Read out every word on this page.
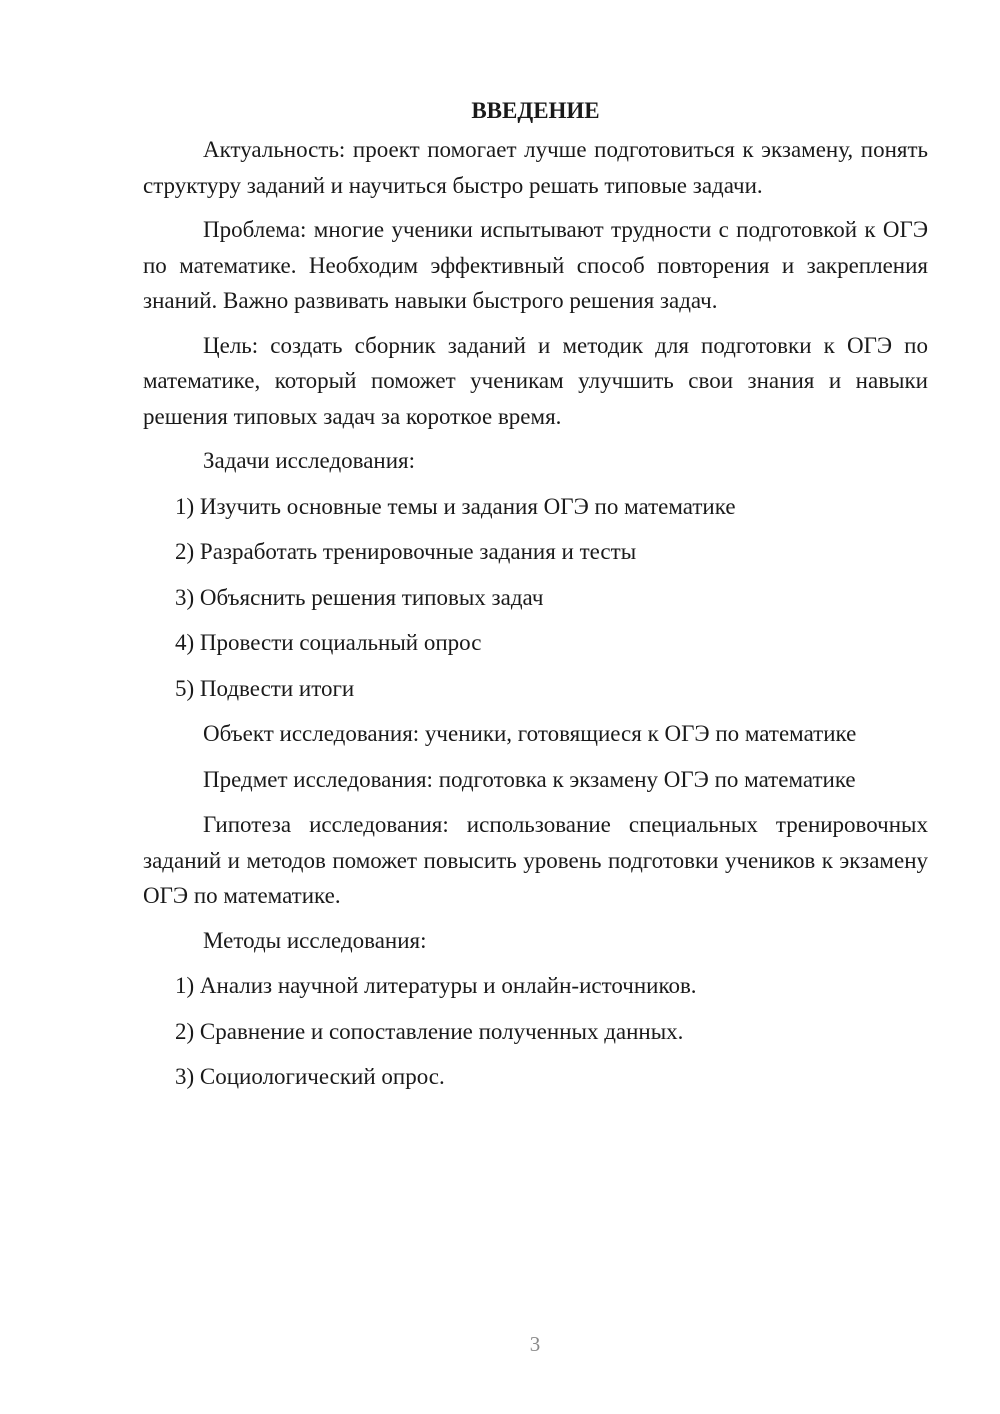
ВВЕДЕНИЕ

Актуальность: проект помогает лучше подготовиться к экзамену, понять структуру заданий и научиться быстро решать типовые задачи.

Проблема: многие ученики испытывают трудности с подготовкой к ОГЭ по математике. Необходим эффективный способ повторения и закрепления знаний. Важно развивать навыки быстрого решения задач.

Цель: создать сборник заданий и методик для подготовки к ОГЭ по математике, который поможет ученикам улучшить свои знания и навыки решения типовых задач за короткое время.

Задачи исследования:
1) Изучить основные темы и задания ОГЭ по математике
2) Разработать тренировочные задания и тесты
3) Объяснить решения типовых задач
4) Провести социальный опрос
5) Подвести итоги
Объект исследования: ученики, готовящиеся к ОГЭ по математике
Предмет исследования: подготовка к экзамену ОГЭ по математике

Гипотеза исследования: использование специальных тренировочных заданий и методов поможет повысить уровень подготовки учеников к экзамену ОГЭ по математике.

Методы исследования:
1) Анализ научной литературы и онлайн-источников.
2) Сравнение и сопоставление полученных данных.
3) Социологический опрос.
3
